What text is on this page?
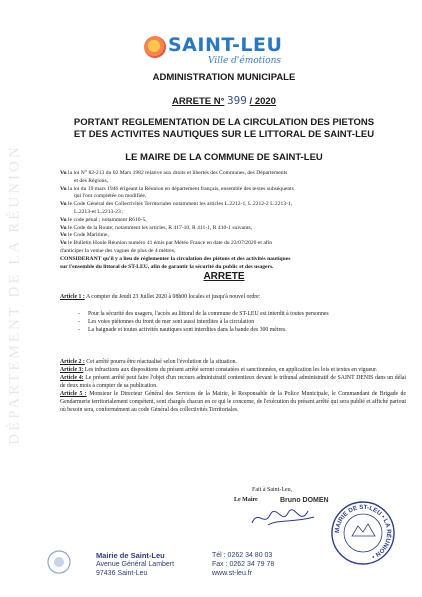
DÉPARTEMENT DE LA RÉUNION
SAINT-LEU
Ville d'émotions
ADMINISTRATION MUNICIPALE
ARRETE N° 399 / 2020
PORTANT REGLEMENTATION DE LA CIRCULATION DES PIETONS
ET DES ACTIVITES NAUTIQUES SUR LE LITTORAL DE SAINT-LEU
LE MAIRE DE LA COMMUNE DE SAINT-LEU

Vu la loi N° 82-213 du 02 Mars 1982 relative aux droits et libertés des Communes, des Départements

et des Régions,

Vu la loi du 19 mars 1946 érigeant la Réunion en département français, ensemble des textes subséquents

qui l'ont complétée ou modifiée,

Vu le Code Général des Collectivités Territoriales notamment les articles L.2212-1, L.2212-2 L.2213-1,

L.2213-et L.2213-23 ;

Vu le code pénal ; notamment R610-5,

Vu le Code de la Route; notamment les articles, R 417-10, R 411-1, R 410-1 suivants,

Vu le Code Maritime,

Vu le Bulletin Houle Réunion numéro 41 émis par Météo France en date du 23/07/2020 et afin

d'anticiper la venue des vagues de plus de 4 mètres,

CONSIDERANT qu'il y a lieu de réglementer la circulation des piétons et des activités nautiques

sur l'ensemble du littoral de ST-LEU, afin de garantir la sécurité du public et des usagers.

ARRETE
Article 1 : A compter du Jeudi 23 Juillet 2020 à 08h00 locales et jusqu'à nouvel ordre:
- Pour la sécurité des usagers, l'accès au littoral de la commune de ST-LEU est interdit à toutes personnes
- Les voies piétonnes du front de mer sont aussi interdites à la circulation
- La baignade et toutes activités nautiques sont interdites dans la bande des 300 mètres.

Article 2 : Cet arrêté pourra être réactualisé selon l'évolution de la situation.

Article 3: Les infractions aux dispositions du présent arrêté seront constatées et sanctionnées, en application les lois et textes en vigueur.

Article 4: Le présent arrêté peut faire l'objet d'un recours administratif contentieux devant le tribunal administratif de SAINT DENIS dans un délai de deux mois à compter de sa publication.

Article 5 : Monsieur le Directeur Général des Services de la Mairie, le Responsable de la Police Municipale, le Commandant de Brigade de Gendarmerie territorialement compétent, sont chargés chacun en ce qui le concerne, de l'exécution du présent arrêté qui sera publié et affiché partout où besoin sera, conformément au code Général des collectivités Territoriales.

Fait à Saint-Leu,
Le Maire	Bruno DOMEN
MAIRIE DE ST-LEU • LA RÉUNION •
Mairie de Saint-Leu
Avenue Général Lambert
97436 Saint-Leu
Tél : 0262 34 80 03
Fax : 0262 34 79 78
www.st-leu.fr
